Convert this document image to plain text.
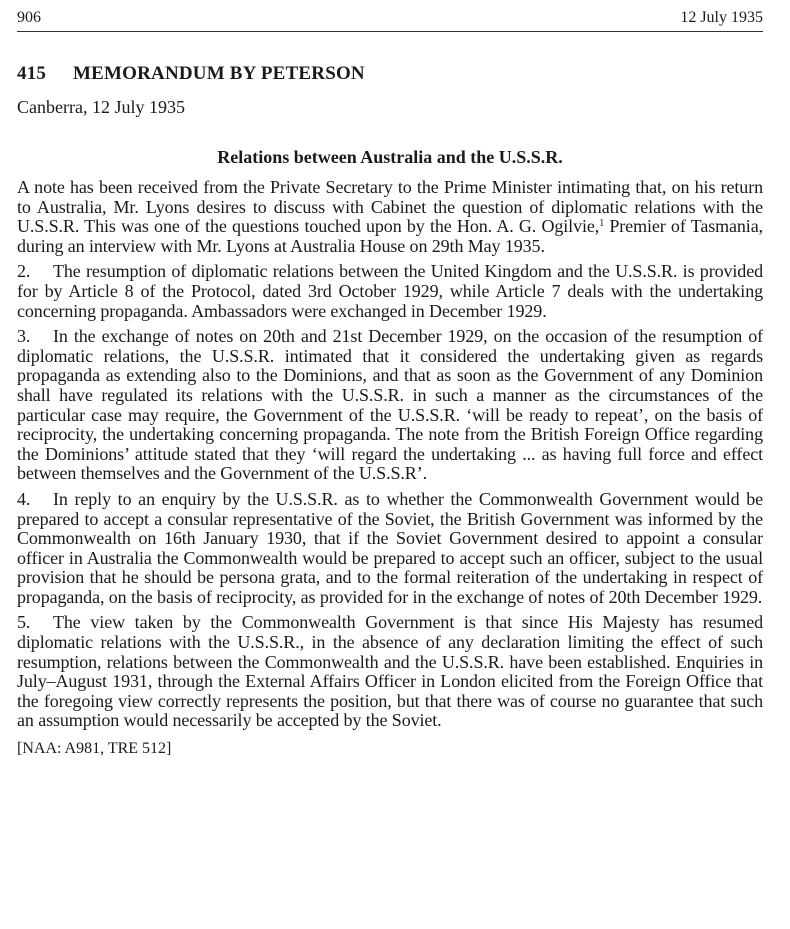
906	12 July 1935
415 MEMORANDUM BY PETERSON
Canberra, 12 July 1935
Relations between Australia and the U.S.S.R.

A note has been received from the Private Secretary to the Prime Minister intimating that, on his return to Australia, Mr. Lyons desires to discuss with Cabinet the question of diplomatic relations with the U.S.S.R. This was one of the questions touched upon by the Hon. A. G. Ogilvie,$^1$ Premier of Tasmania, during an interview with Mr. Lyons at Australia House on 29th May 1935.

2. The resumption of diplomatic relations between the United Kingdom and the U.S.S.R. is provided for by Article 8 of the Protocol, dated 3rd October 1929, while Article 7 deals with the undertaking concerning propaganda. Ambassadors were exchanged in December 1929.

3. In the exchange of notes on 20th and 21st December 1929, on the occasion of the resumption of diplomatic relations, the U.S.S.R. intimated that it considered the undertaking given as regards propaganda as extending also to the Dominions, and that as soon as the Government of any Dominion shall have regulated its relations with the U.S.S.R. in such a manner as the circumstances of the particular case may require, the Government of the U.S.S.R. ‘will be ready to repeat’, on the basis of reciprocity, the undertaking concerning propaganda. The note from the British Foreign Office regarding the Dominions’ attitude stated that they ‘will regard the undertaking ... as having full force and effect between themselves and the Government of the U.S.S.R’.

4. In reply to an enquiry by the U.S.S.R. as to whether the Commonwealth Government would be prepared to accept a consular representative of the Soviet, the British Government was informed by the Commonwealth on 16th January 1930, that if the Soviet Government desired to appoint a consular officer in Australia the Commonwealth would be prepared to accept such an officer, subject to the usual provision that he should be persona grata, and to the formal reiteration of the undertaking in respect of propaganda, on the basis of reciprocity, as provided for in the exchange of notes of 20th December 1929.

5. The view taken by the Commonwealth Government is that since His Majesty has resumed diplomatic relations with the U.S.S.R., in the absence of any declaration limiting the effect of such resumption, relations between the Commonwealth and the U.S.S.R. have been established. Enquiries in July–August 1931, through the External Affairs Officer in London elicited from the Foreign Office that the foregoing view correctly represents the position, but that there was of course no guarantee that such an assumption would necessarily be accepted by the Soviet.

[NAA: A981, TRE 512]
